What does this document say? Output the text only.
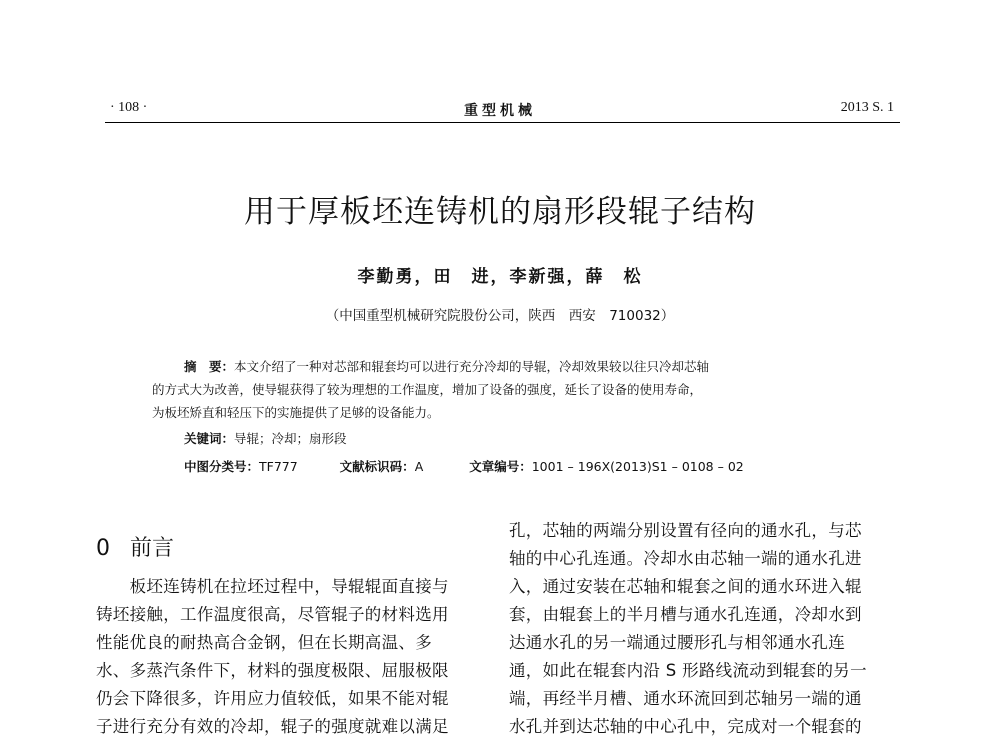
· 108 ·	重型机械	2013 S. 1
用于厚板坯连铸机的扇形段辊子结构
李勤勇，田　进，李新强，薛　松
（中国重型机械研究院股份公司，陕西　西安　710032）
摘　要：本文介绍了一种对芯部和辊套均可以进行充分冷却的导辊，冷却效果较以往只冷却芯轴
的方式大为改善，使导辊获得了较为理想的工作温度，增加了设备的强度，延长了设备的使用寿命，
为板坯矫直和轻压下的实施提供了足够的设备能力。
关键词：导辊；冷却；扇形段
中图分类号：TF777	文献标识码：A	文章编号：1001 – 196X(2013)S1 – 0108 – 02
0 前言
　　板坯连铸机在拉坯过程中，导辊辊面直接与
铸坯接触，工作温度很高，尽管辊子的材料选用
性能优良的耐热高合金钢，但在长期高温、多
水、多蒸汽条件下，材料的强度极限、屈服极限
仍会下降很多，许用应力值较低，如果不能对辊
子进行充分有效的冷却，辊子的强度就难以满足
孔，芯轴的两端分别设置有径向的通水孔，与芯
轴的中心孔连通。冷却水由芯轴一端的通水孔进
入，通过安装在芯轴和辊套之间的通水环进入辊
套，由辊套上的半月槽与通水孔连通，冷却水到
达通水孔的另一端通过腰形孔与相邻通水孔连
通，如此在辊套内沿 S 形路线流动到辊套的另一
端，再经半月槽、通水环流回到芯轴另一端的通
水孔并到达芯轴的中心孔中，完成对一个辊套的
